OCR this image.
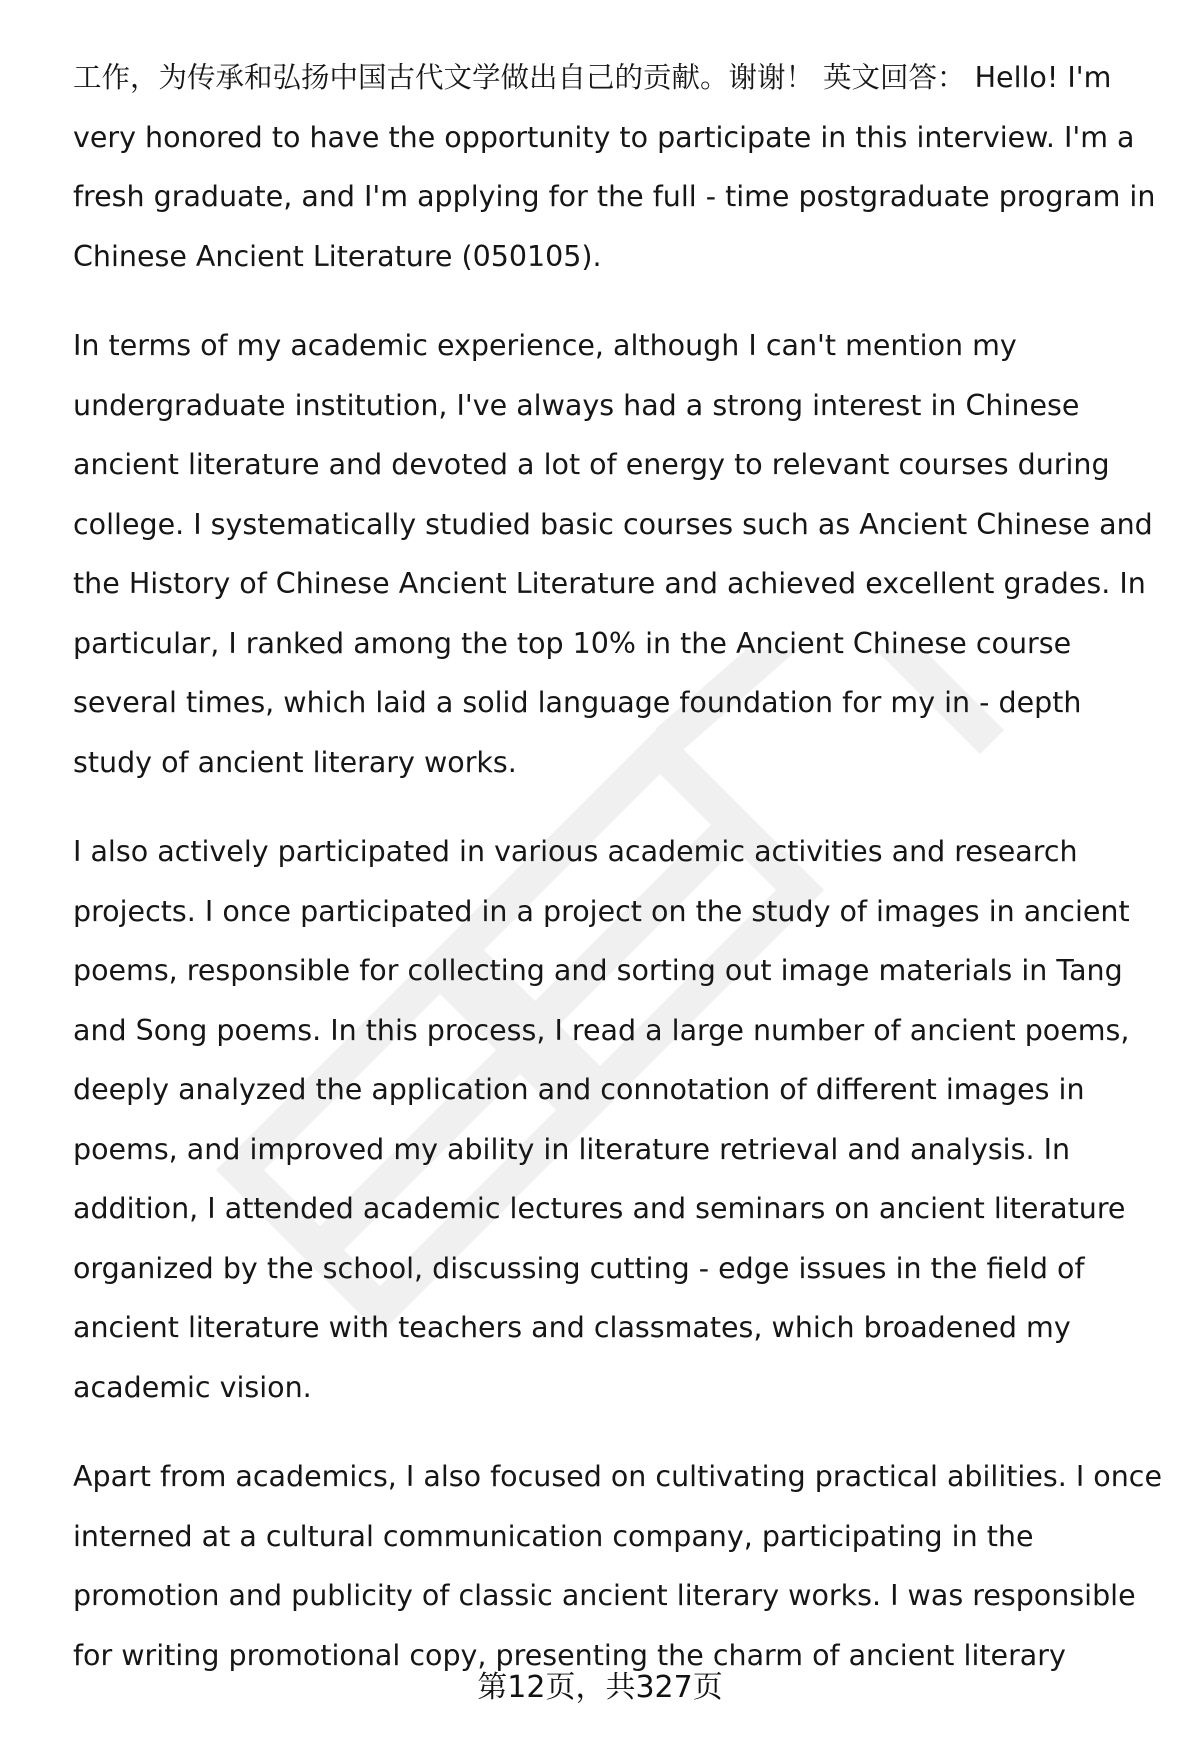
工作，为传承和弘扬中国古代文学做出自己的贡献。谢谢！ 英文回答： Hello! I'm very honored to have the opportunity to participate in this interview. I'm a fresh graduate, and I'm applying for the full - time postgraduate program in Chinese Ancient Literature (050105).

In terms of my academic experience, although I can't mention my undergraduate institution, I've always had a strong interest in Chinese ancient literature and devoted a lot of energy to relevant courses during college. I systematically studied basic courses such as Ancient Chinese and the History of Chinese Ancient Literature and achieved excellent grades. In particular, I ranked among the top 10% in the Ancient Chinese course several times, which laid a solid language foundation for my in - depth study of ancient literary works.

I also actively participated in various academic activities and research projects. I once participated in a project on the study of images in ancient poems, responsible for collecting and sorting out image materials in Tang and Song poems. In this process, I read a large number of ancient poems, deeply analyzed the application and connotation of different images in poems, and improved my ability in literature retrieval and analysis. In addition, I attended academic lectures and seminars on ancient literature organized by the school, discussing cutting - edge issues in the field of ancient literature with teachers and classmates, which broadened my academic vision.

Apart from academics, I also focused on cultivating practical abilities. I once interned at a cultural communication company, participating in the promotion and publicity of classic ancient literary works. I was responsible for writing promotional copy, presenting the charm of ancient literary

第12页，共327页
